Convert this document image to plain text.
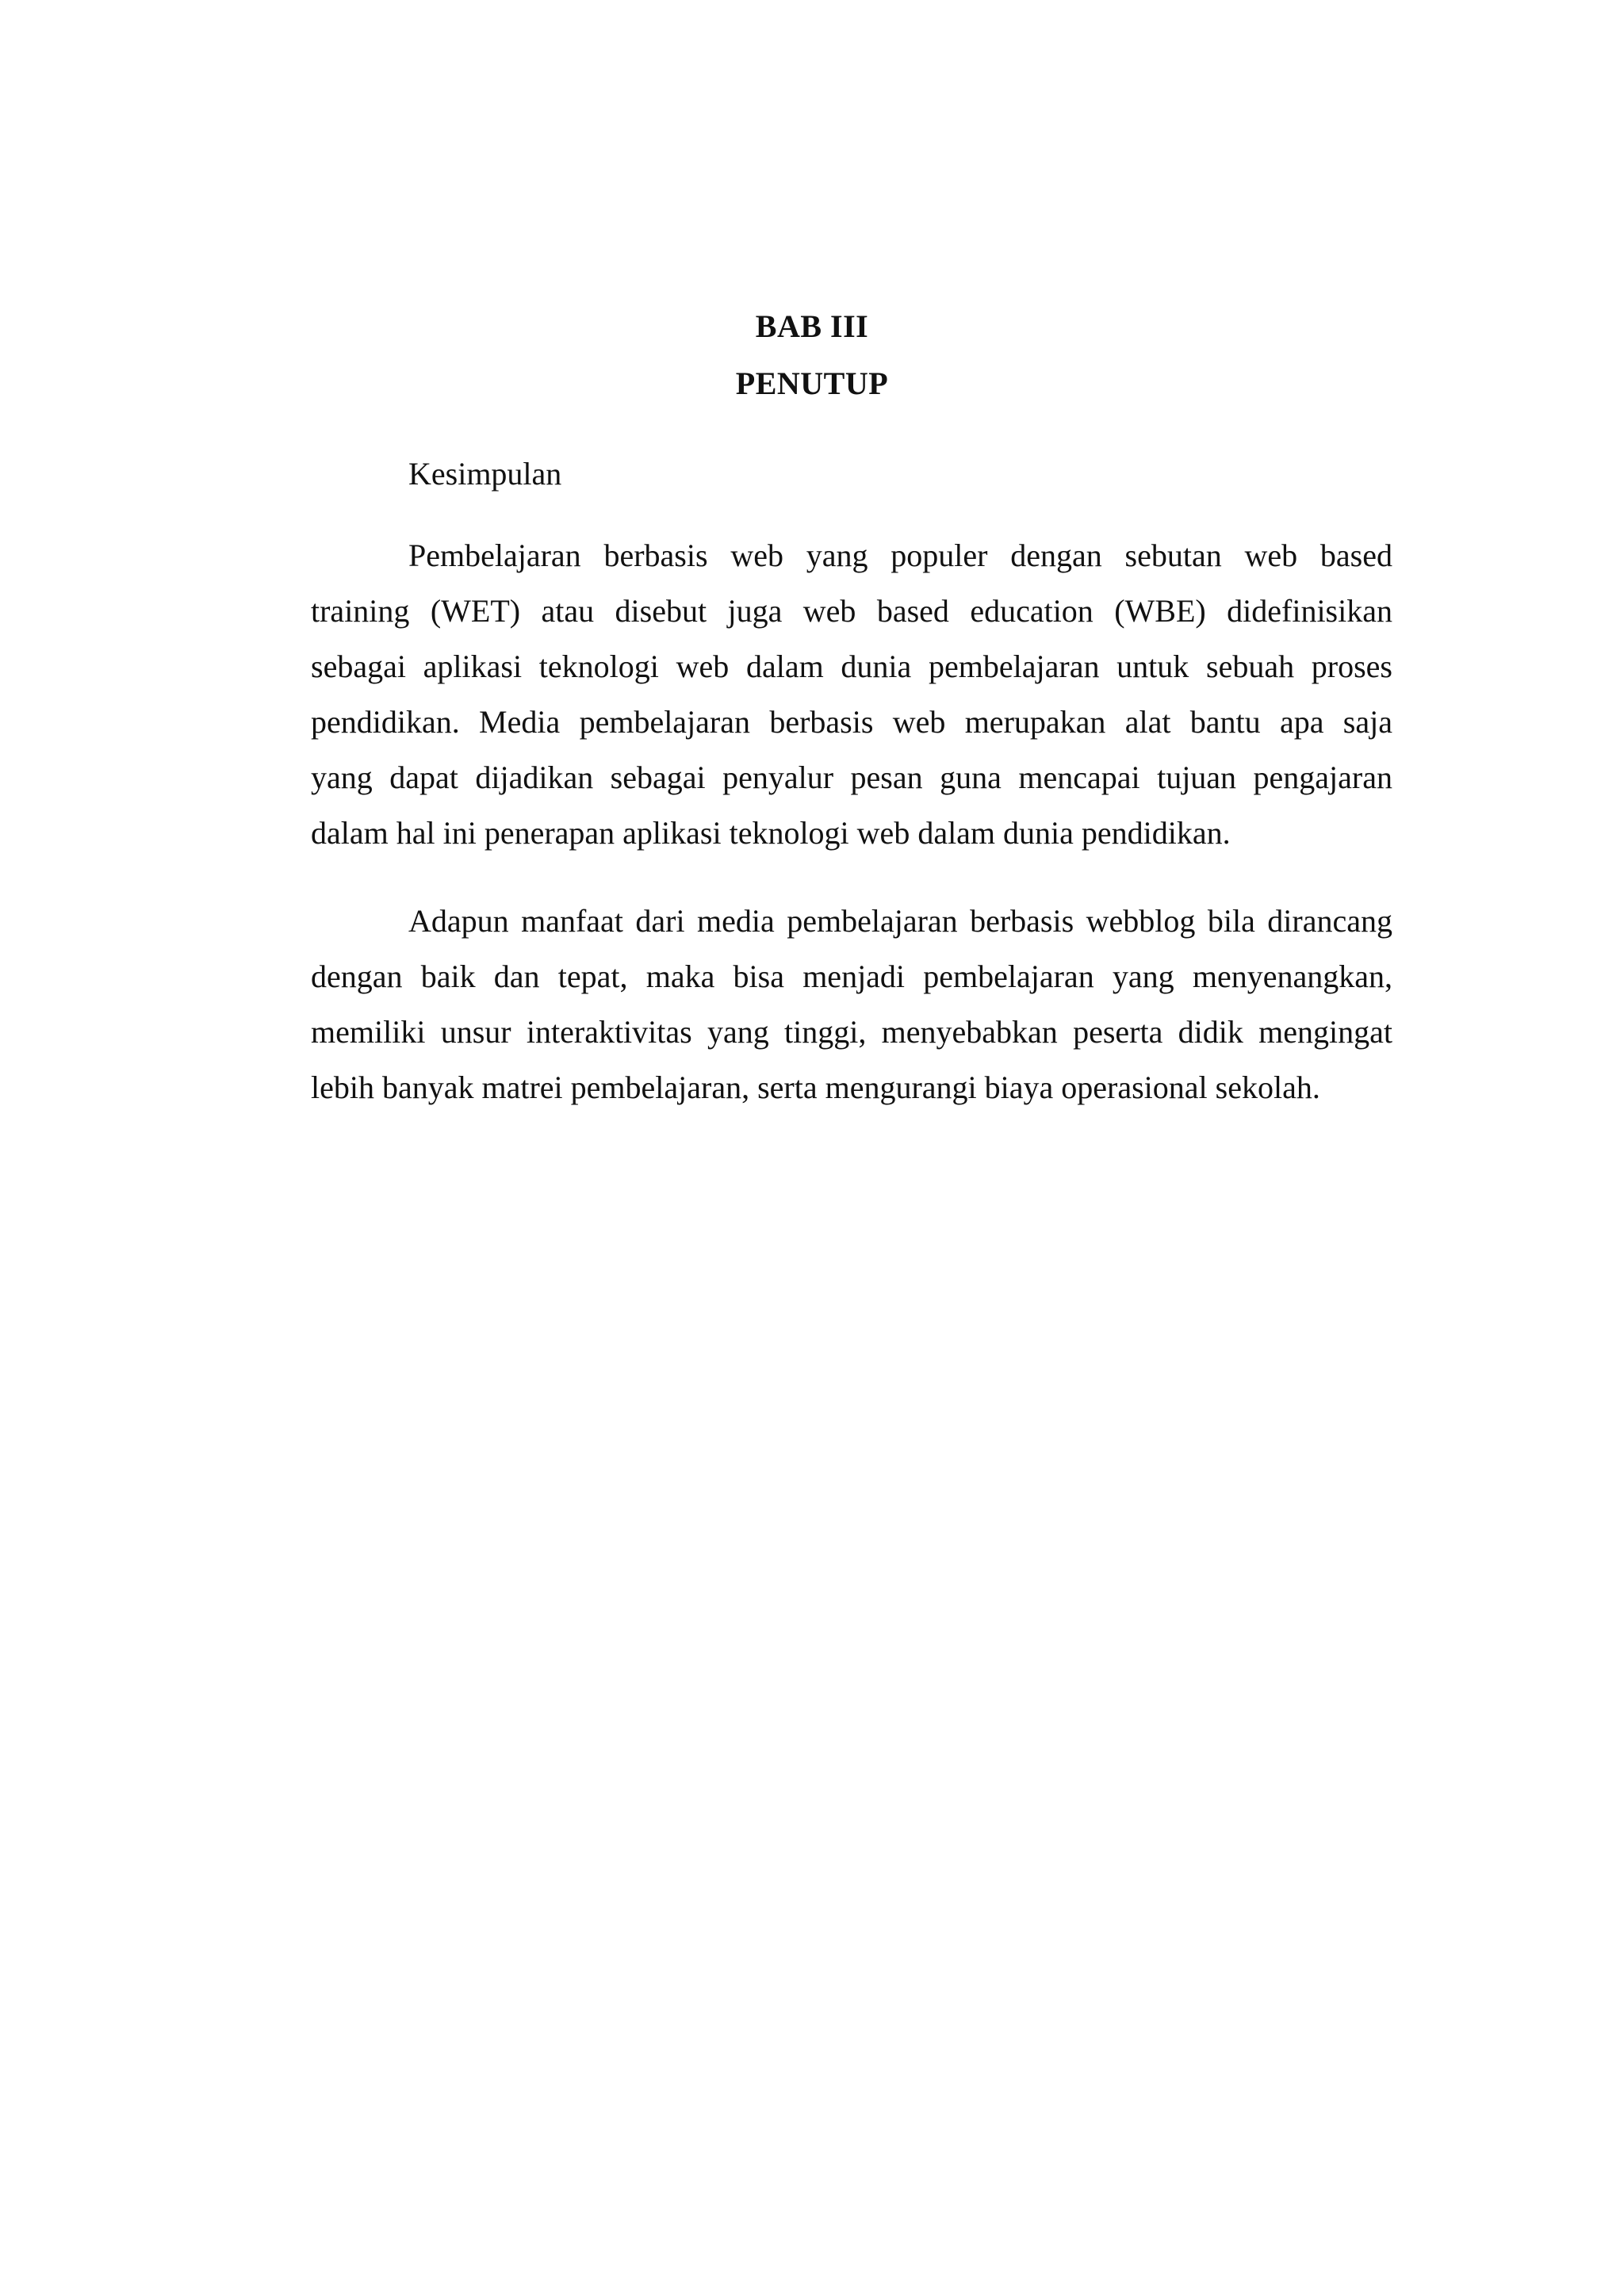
BAB III
PENUTUP
Kesimpulan
Pembelajaran berbasis web yang populer dengan sebutan web based
training (WET) atau disebut juga web based education (WBE) didefinisikan
sebagai aplikasi teknologi web dalam dunia pembelajaran untuk sebuah proses
pendidikan. Media pembelajaran berbasis web merupakan alat bantu apa saja
yang dapat dijadikan sebagai penyalur pesan guna mencapai tujuan pengajaran
dalam hal ini penerapan aplikasi teknologi web dalam dunia pendidikan.
Adapun manfaat dari media pembelajaran berbasis webblog bila dirancang
dengan baik dan tepat, maka bisa menjadi pembelajaran yang menyenangkan,
memiliki unsur interaktivitas yang tinggi, menyebabkan peserta didik mengingat
lebih banyak matrei pembelajaran, serta mengurangi biaya operasional sekolah.
